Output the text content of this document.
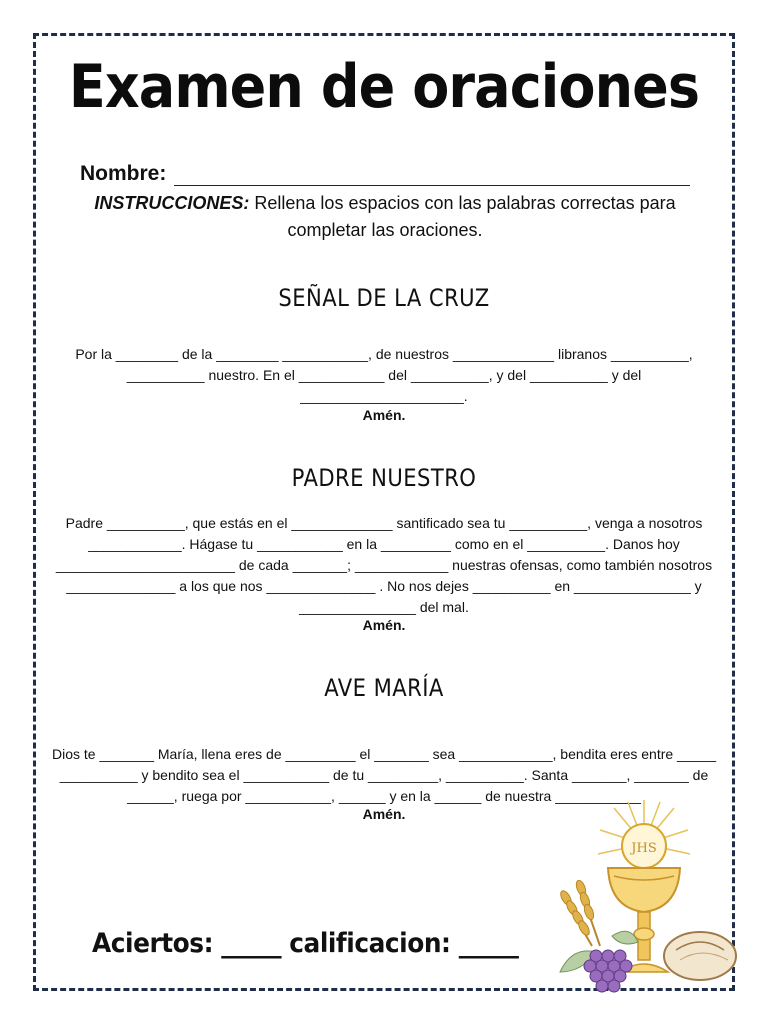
Examen de oraciones
Nombre:
INSTRUCCIONES: Rellena los espacios con las palabras correctas para completar las oraciones.
SEÑAL DE LA CRUZ
Por la ________ de la ________ ___________, de nuestros _____________ libranos __________, __________ nuestro. En el ___________ del __________, y del __________ y del _____________________.
Amén.
PADRE NUESTRO
Padre __________, que estás en el _____________ santificado sea tu __________, venga a nosotros ____________. Hágase tu ___________ en la _________ como en el __________. Danos hoy _______________________ de cada _______; ____________ nuestras ofensas, como también nosotros ______________ a los que nos ______________ . No nos dejes __________ en _______________ y _______________ del mal.
Amén.
AVE MARÍA
Dios te _______ María, llena eres de _________ el _______ sea ____________, bendita eres entre _____ __________ y bendito sea el ___________ de tu _________, __________. Santa _______, _______ de ______, ruega por ___________, ______ y en la ______ de nuestra ___________
Amén.
Aciertos: _____ calificacion: _____
JHS
